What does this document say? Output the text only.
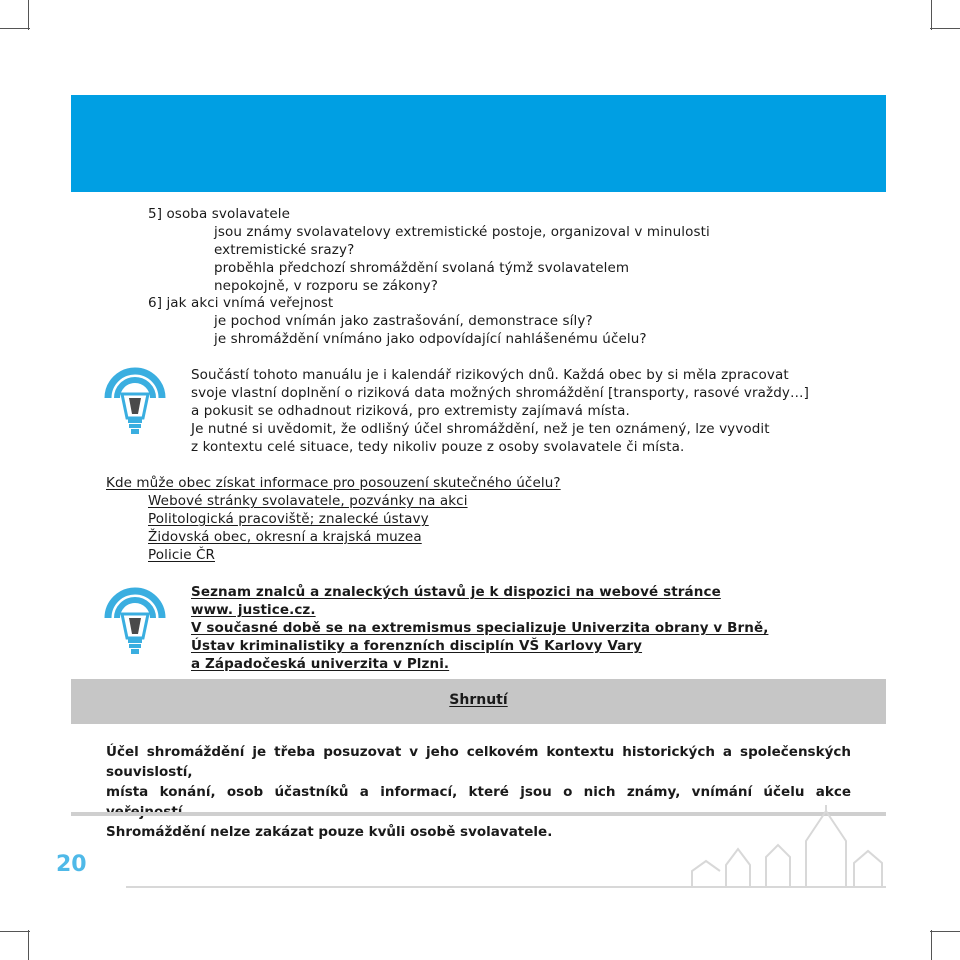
5] osoba svolavatele
jsou známy svolavatelovy extremistické postoje, organizoval v minulosti
extremistické srazy?
proběhla předchozí shromáždění svolaná týmž svolavatelem
nepokojně, v rozporu se zákony?
6] jak akci vnímá veřejnost
je pochod vnímán jako zastrašování, demonstrace síly?
je shromáždění vnímáno jako odpovídající nahlášenému účelu?
Součástí tohoto manuálu je i kalendář rizikových dnů. Každá obec by si měla zpracovat
svoje vlastní doplnění o riziková data možných shromáždění [transporty, rasové vraždy…]
a pokusit se odhadnout riziková, pro extremisty zajímavá místa.
Je nutné si uvědomit, že odlišný účel shromáždění, než je ten oznámený, lze vyvodit
z kontextu celé situace, tedy nikoliv pouze z osoby svolavatele či místa.
Kde může obec získat informace pro posouzení skutečného účelu?
Webové stránky svolavatele, pozvánky na akci
Politologická pracoviště; znalecké ústavy
Židovská obec, okresní a krajská muzea
Policie ČR
Seznam znalců a znaleckých ústavů je k dispozici na webové stránce
www. justice.cz.
V současné době se na extremismus specializuje Univerzita obrany v Brně,
Ústav kriminalistiky a forenzních disciplín VŠ Karlovy Vary
a Západočeská univerzita v Plzni.
Shrnutí
Účel shromáždění je třeba posuzovat v jeho celkovém kontextu historických a společenských souvislostí,
místa konání, osob účastníků a informací, které jsou o nich známy, vnímání účelu akce
Shromáždění nelze zakázat pouze kvůli osobě svolavatele.
20
